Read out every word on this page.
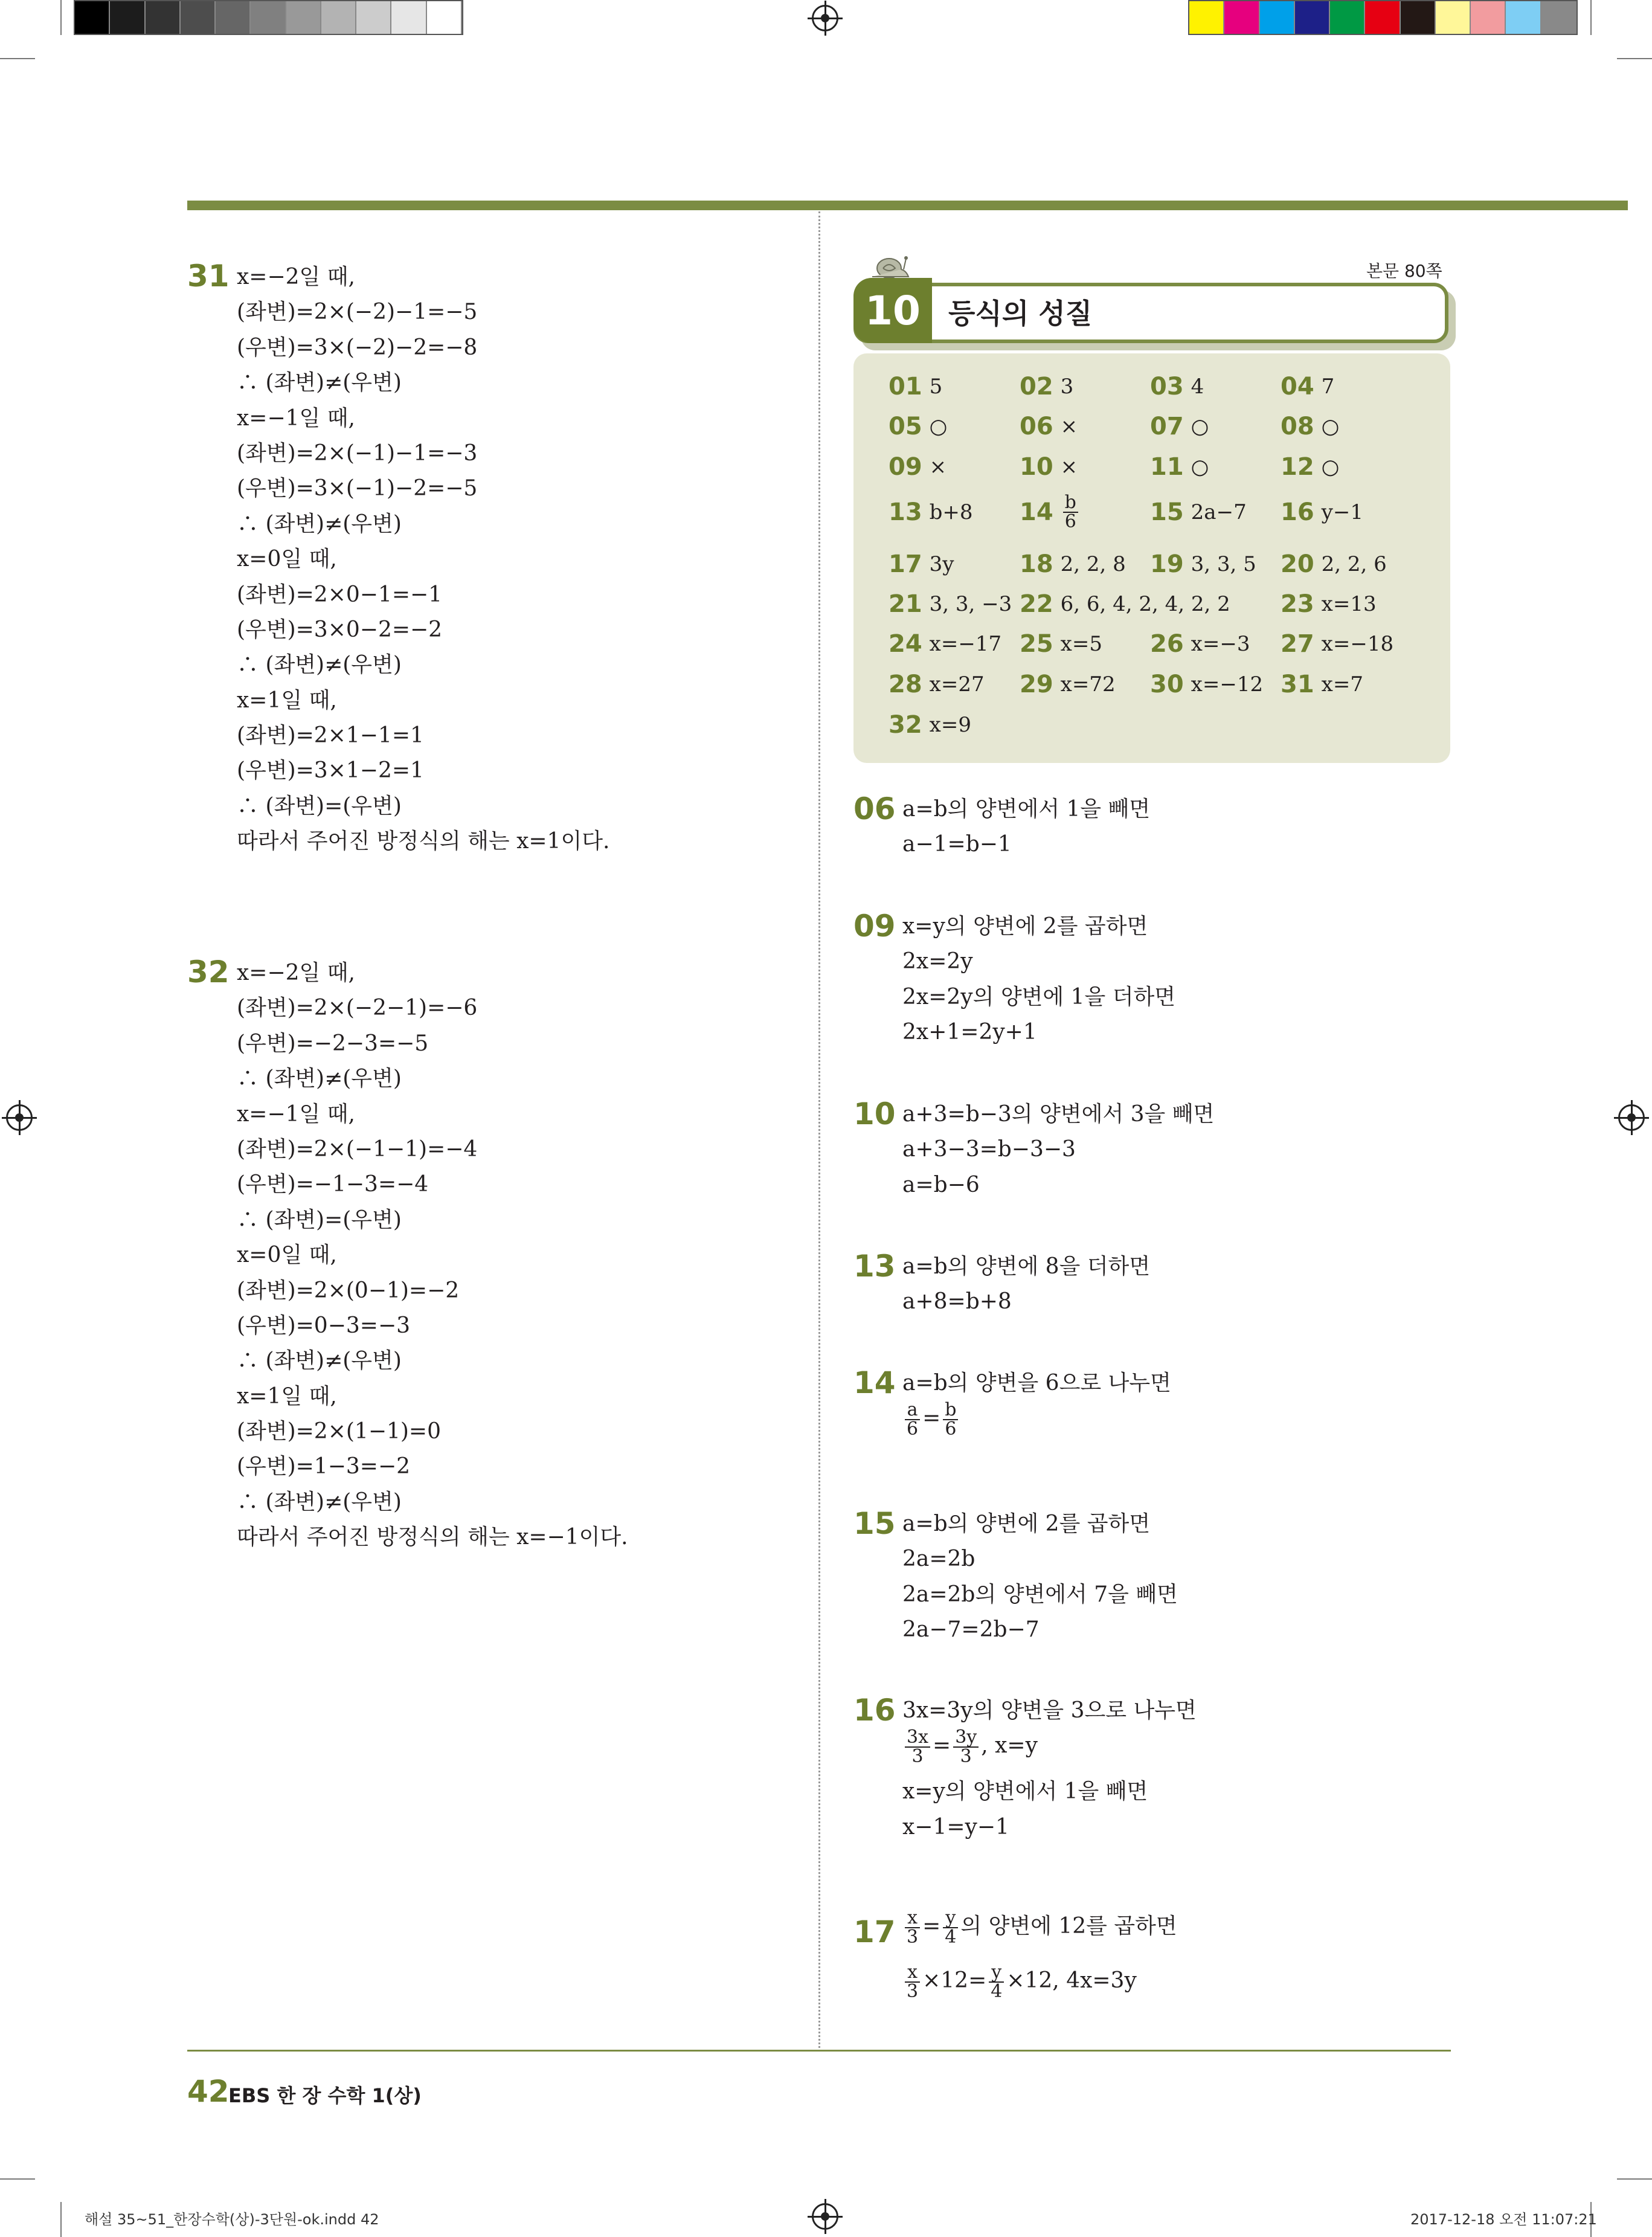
31 x=−2일 때,
(좌변)=2×(−2)−1=−5
(우변)=3×(−2)−2=−8
∴ (좌변)≠(우변)
x=−1일 때,
(좌변)=2×(−1)−1=−3
(우변)=3×(−1)−2=−5
∴ (좌변)≠(우변)
x=0일 때,
(좌변)=2×0−1=−1
(우변)=3×0−2=−2
∴ (좌변)≠(우변)
x=1일 때,
(좌변)=2×1−1=1
(우변)=3×1−2=1
∴ (좌변)=(우변)
따라서 주어진 방정식의 해는 x=1이다.
32 x=−2일 때,
(좌변)=2×(−2−1)=−6
(우변)=−2−3=−5
∴ (좌변)≠(우변)
x=−1일 때,
(좌변)=2×(−1−1)=−4
(우변)=−1−3=−4
∴ (좌변)=(우변)
x=0일 때,
(좌변)=2×(0−1)=−2
(우변)=0−3=−3
∴ (좌변)≠(우변)
x=1일 때,
(좌변)=2×(1−1)=0
(우변)=1−3=−2
∴ (좌변)≠(우변)
따라서 주어진 방정식의 해는 x=−1이다.
본문 80쪽
10	등식의 성질
01 5	02 3	03 4	04 7
05 ○	06 ×	07 ○	08 ○
09 ×	10 ×	11 ○	12 ○
13 b+8 $14 \frac{b}{6}$	15 2a−7 16 y−1
17 3y	18 2, 2, 8 19 3, 3, 5 20 2, 2, 6
21 3, 3, −3 22 6, 6, 4, 2, 4, 2, 2 23 x=13
24 x=−17 25 x=5 26 x=−3 27 x=−18
28 x=27 29 x=72 30 x=−12 31 x=7
32 x=9
06 a=b의 양변에서 1을 빼면
a−1=b−1
09 x=y의 양변에 2를 곱하면
2x=2y
2x=2y의 양변에 1을 더하면
2x+1=2y+1
10 a+3=b−3의 양변에서 3을 빼면
a+3−3=b−3−3
a=b−6
13 a=b의 양변에 8을 더하면
a+8=b+8
14 a=b의 양변을 6으로 나누면
$\frac{a}{6} = \frac{b}{6}$
15 a=b의 양변에 2를 곱하면
2a=2b
2a=2b의 양변에서 7을 빼면
2a−7=2b−7
16 3x=3y의 양변을 3으로 나누면
$\frac{3x}{3} = \frac{3y}{3}$ , x=y
x=y의 양변에서 1을 빼면
x−1=y−1
$17 \frac{x}{3} = \frac{y}{4}$ 의 양변에 12를 곱하면
$\frac{x}{3} \times 12= \frac{y}{4} \times 12$, 4x=3y
42
EBS 한 장 수학 1(상)
해설 35~51_한장수학(상)-3단원-ok.indd 42	2017-12-18 오전 11:07:21
